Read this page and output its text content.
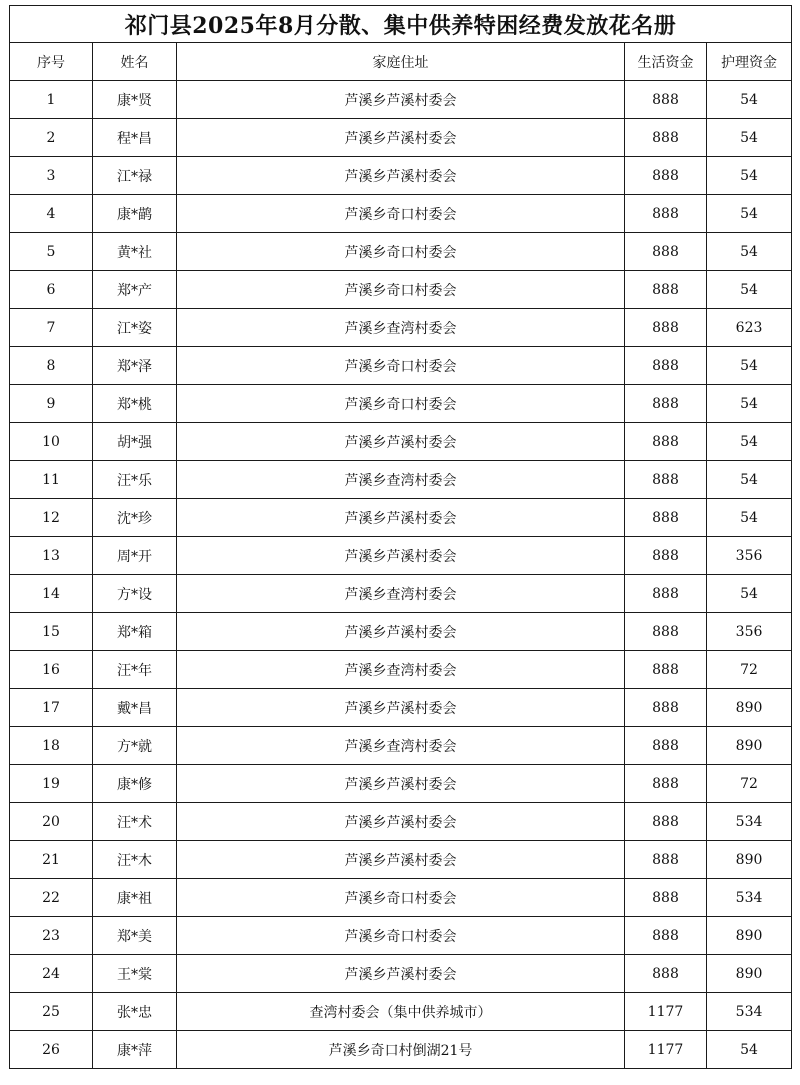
祁门县2025年8月分散、集中供养特困经费发放花名册				
序号	姓名	家庭住址	生活资金	护理资金
1	康*贤	芦溪乡芦溪村委会	888	54
2	程*昌	芦溪乡芦溪村委会	888	54
3	江*禄	芦溪乡芦溪村委会	888	54
4	康*鹋	芦溪乡奇口村委会	888	54
5	黄*社	芦溪乡奇口村委会	888	54
6	郑*产	芦溪乡奇口村委会	888	54
7	江*姿	芦溪乡查湾村委会	888	623
8	郑*泽	芦溪乡奇口村委会	888	54
9	郑*桃	芦溪乡奇口村委会	888	54
10	胡*强	芦溪乡芦溪村委会	888	54
11	汪*乐	芦溪乡查湾村委会	888	54
12	沈*珍	芦溪乡芦溪村委会	888	54
13	周*开	芦溪乡芦溪村委会	888	356
14	方*设	芦溪乡查湾村委会	888	54
15	郑*箱	芦溪乡芦溪村委会	888	356
16	汪*年	芦溪乡查湾村委会	888	72
17	戴*昌	芦溪乡芦溪村委会	888	890
18	方*就	芦溪乡查湾村委会	888	890
19	康*修	芦溪乡芦溪村委会	888	72
20	汪*术	芦溪乡芦溪村委会	888	534
21	汪*木	芦溪乡芦溪村委会	888	890
22	康*祖	芦溪乡奇口村委会	888	534
23	郑*美	芦溪乡奇口村委会	888	890
24	王*棠	芦溪乡芦溪村委会	888	890
25	张*忠	查湾村委会（集中供养城市）	1177	534
26	康*萍	芦溪乡奇口村倒湖21号	1177	54
